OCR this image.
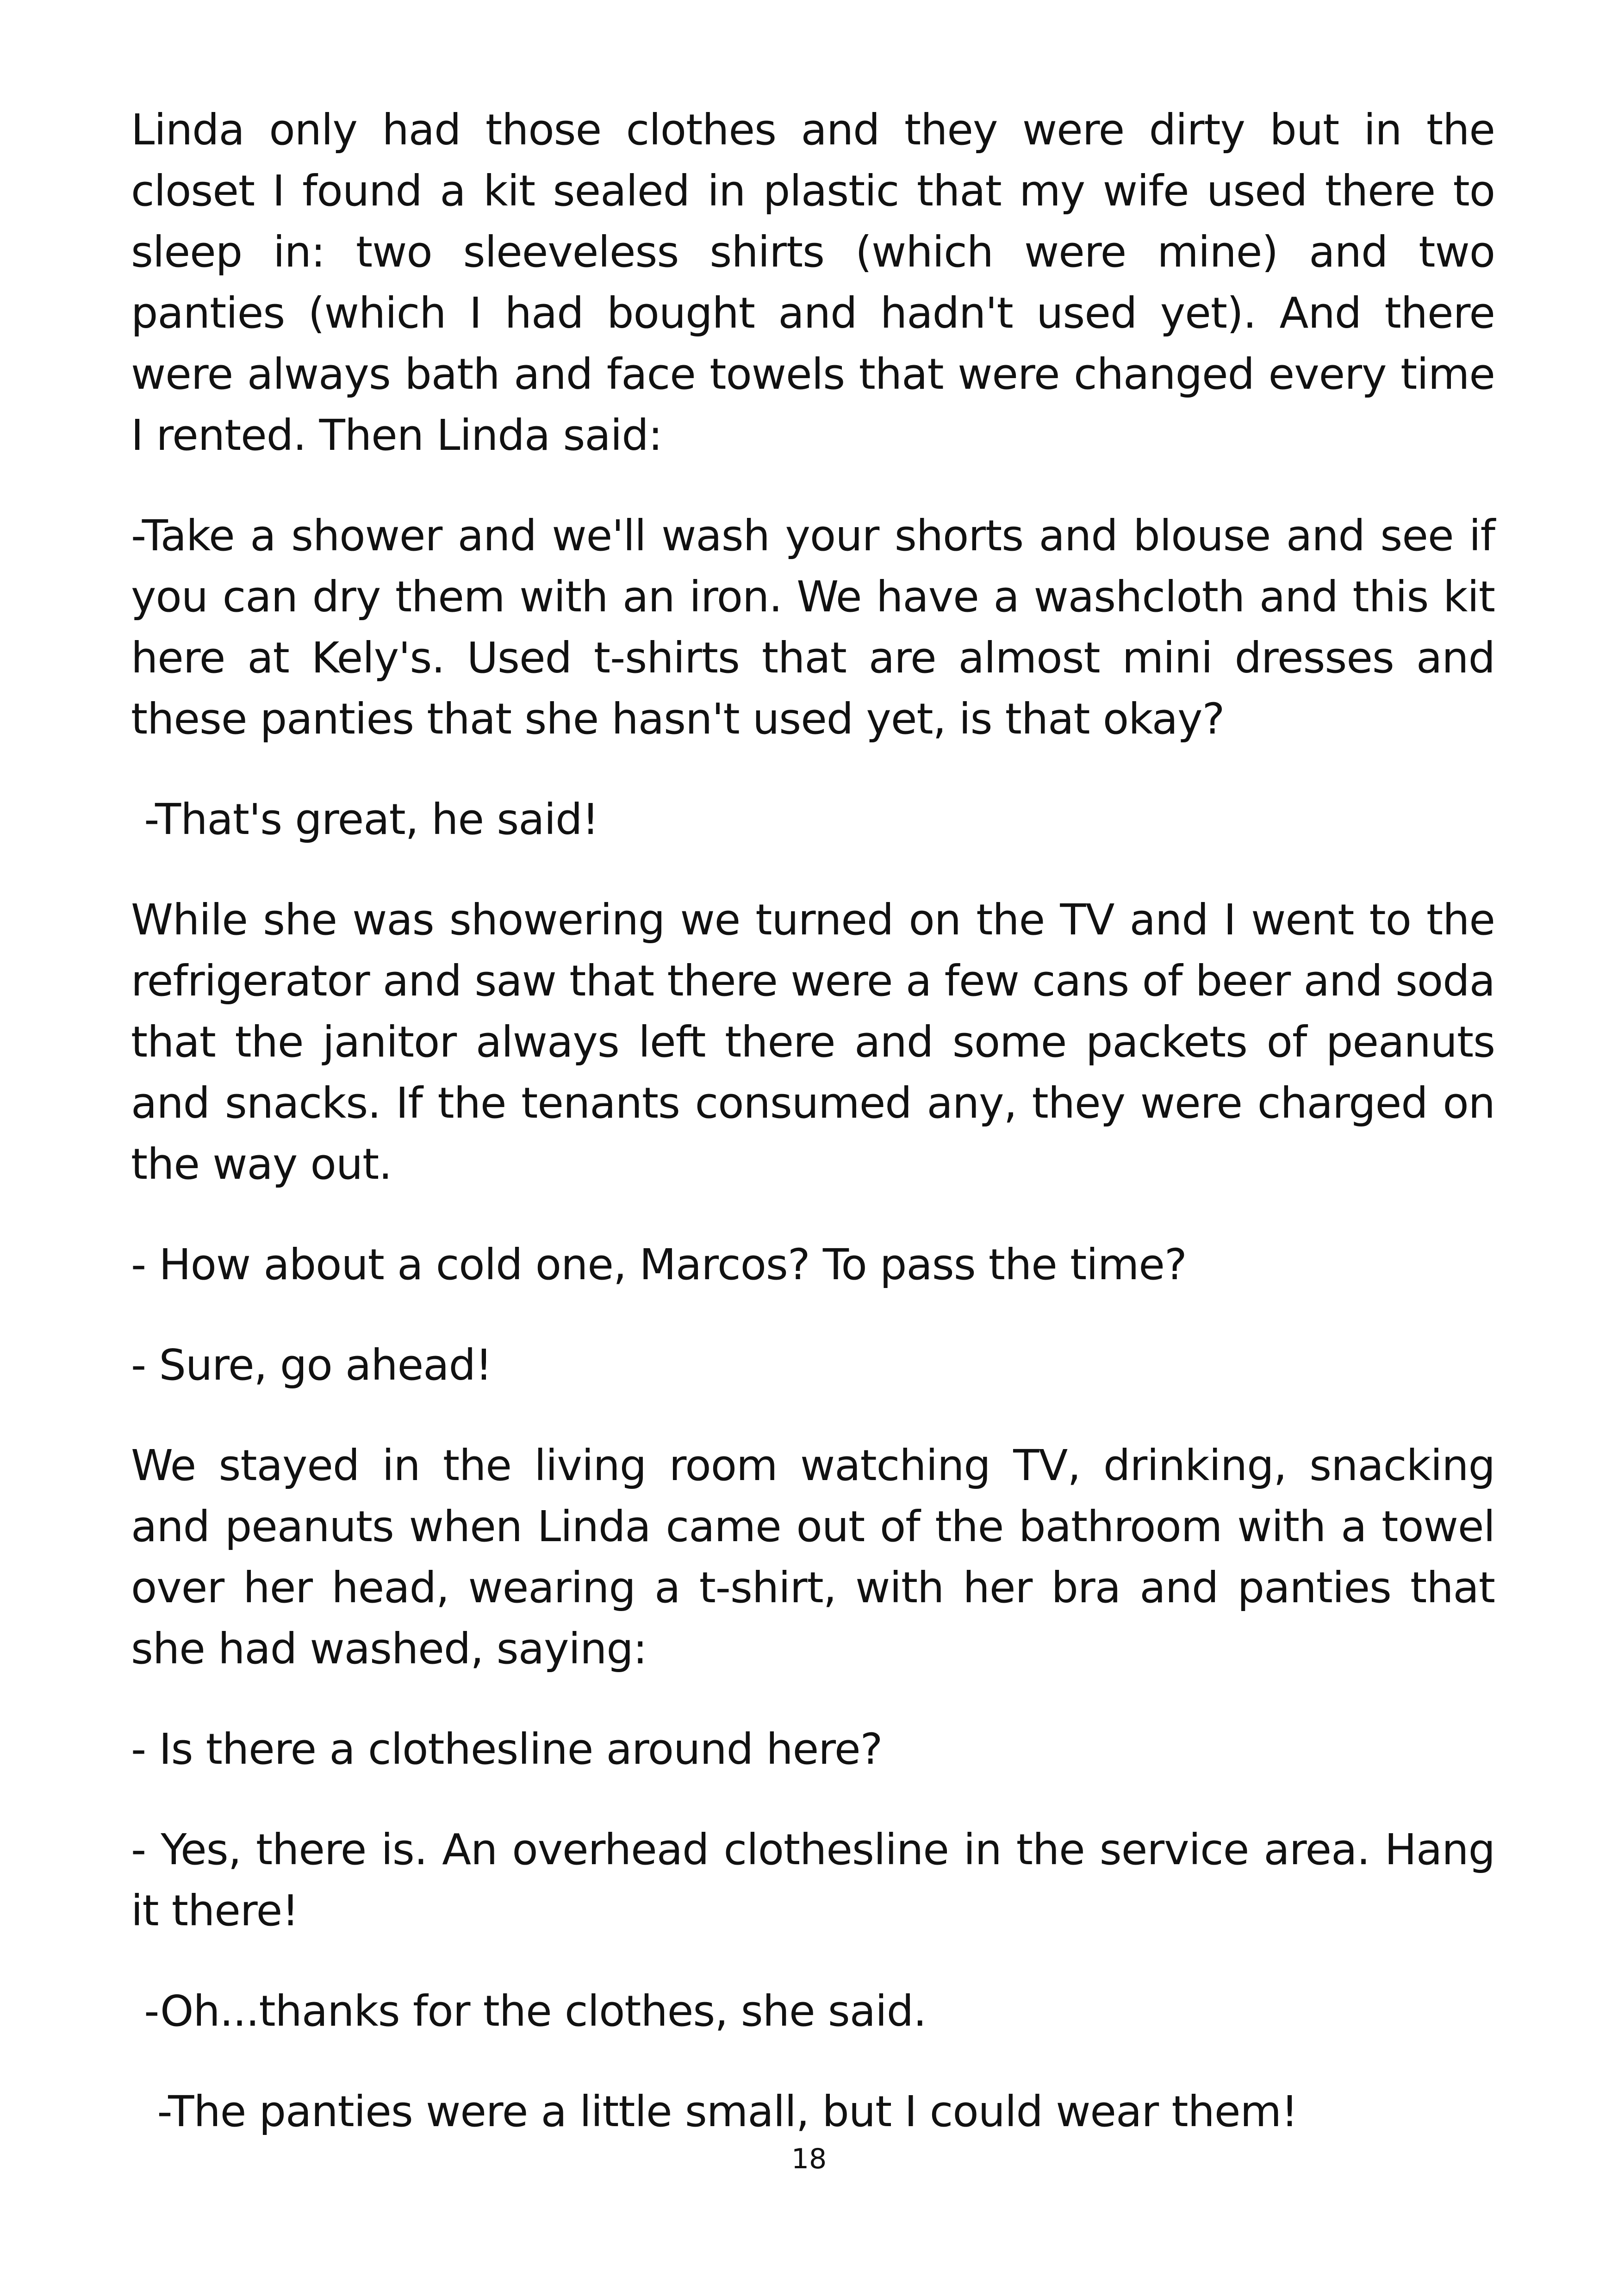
Linda only had those clothes and they were dirty but in the closet I found a kit sealed in plastic that my wife used there to sleep in: two sleeveless shirts (which were mine) and two panties (which I had bought and hadn't used yet). And there were always bath and face towels that were changed every time I rented. Then Linda said:

-Take a shower and we'll wash your shorts and blouse and see if you can dry them with an iron. We have a washcloth and this kit here at Kely's. Used t-shirts that are almost mini dresses and these panties that she hasn't used yet, is that okay?

-That's great, he said!

While she was showering we turned on the TV and I went to the refrigerator and saw that there were a few cans of beer and soda that the janitor always left there and some packets of peanuts and snacks. If the tenants consumed any, they were charged on the way out.

- How about a cold one, Marcos? To pass the time?

- Sure, go ahead!

We stayed in the living room watching TV, drinking, snacking and peanuts when Linda came out of the bathroom with a towel over her head, wearing a t-shirt, with her bra and panties that she had washed, saying:

- Is there a clothesline around here?

- Yes, there is. An overhead clothesline in the service area. Hang it there!

-Oh...thanks for the clothes, she said.

-The panties were a little small, but I could wear them!

18
